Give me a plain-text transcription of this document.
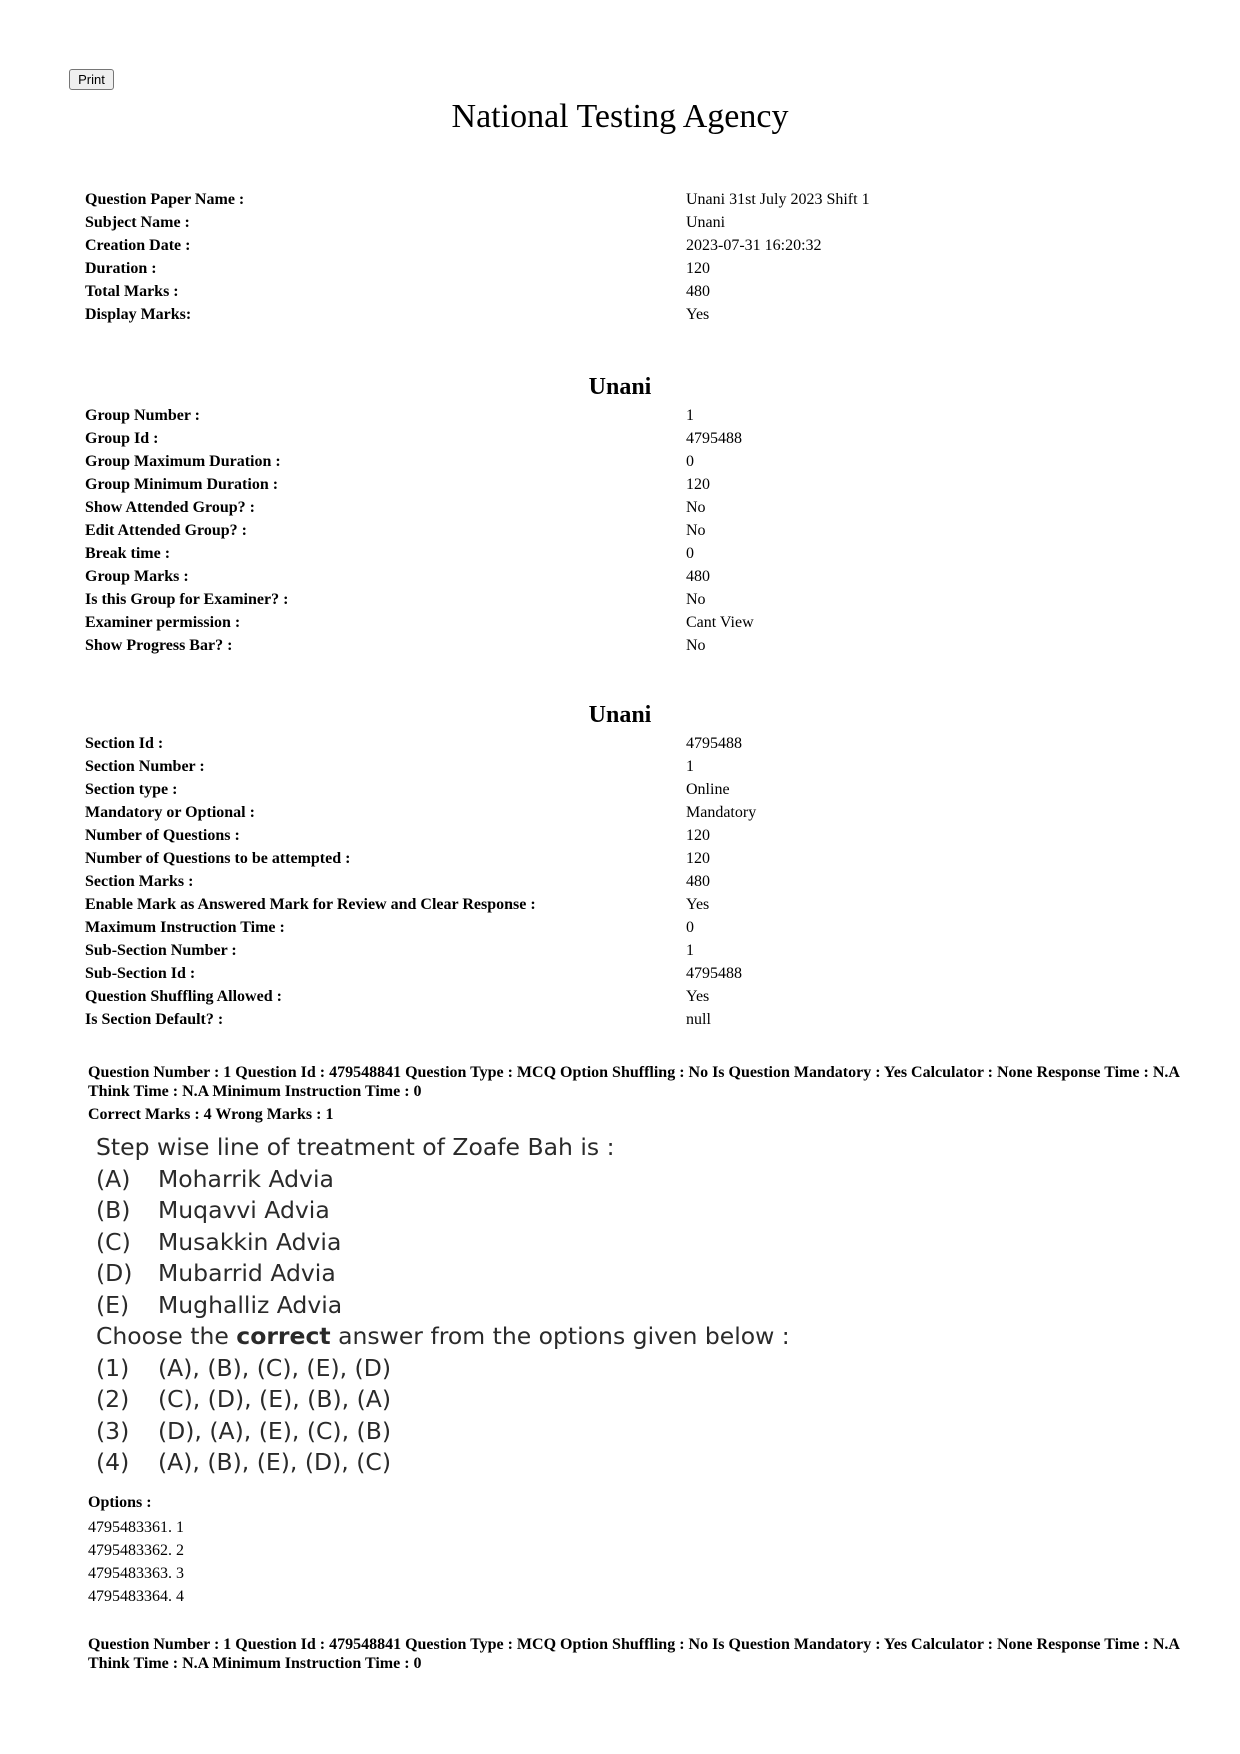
Print
National Testing Agency
Question Paper Name :	Unani 31st July 2023 Shift 1
Subject Name :	Unani
Creation Date :	2023-07-31 16:20:32
Duration :	120
Total Marks :	480
Display Marks:	Yes
Unani
Group Number :	1
Group Id :	4795488
Group Maximum Duration :	0
Group Minimum Duration :	120
Show Attended Group? :	No
Edit Attended Group? :	No
Break time :	0
Group Marks :	480
Is this Group for Examiner? :	No
Examiner permission :	Cant View
Show Progress Bar? :	No
Unani
Section Id :	4795488
Section Number :	1
Section type :	Online
Mandatory or Optional :	Mandatory
Number of Questions :	120
Number of Questions to be attempted :	120
Section Marks :	480
Enable Mark as Answered Mark for Review and Clear Response :	Yes
Maximum Instruction Time :	0
Sub-Section Number :	1
Sub-Section Id :	4795488
Question Shuffling Allowed :	Yes
Is Section Default? :	null

Question Number : 1 Question Id : 479548841 Question Type : MCQ Option Shuffling : No Is Question Mandatory : Yes Calculator : None Response Time : N.A Think Time : N.A Minimum Instruction Time : 0

Correct Marks : 4 Wrong Marks : 1
Step wise line of treatment of Zoafe Bah is :
(A) Moharrik Advia
(B) Muqavvi Advia
(C) Musakkin Advia
(D) Mubarrid Advia
(E) Mughalliz Advia
Choose the correct answer from the options given below :
(1) (A), (B), (C), (E), (D)
(2) (C), (D), (E), (B), (A)
(3) (D), (A), (E), (C), (B)
(4) (A), (B), (E), (D), (C)
Options :
4795483361. 1
4795483362. 2
4795483363. 3
4795483364. 4

Question Number : 1 Question Id : 479548841 Question Type : MCQ Option Shuffling : No Is Question Mandatory : Yes Calculator : None Response Time : N.A Think Time : N.A Minimum Instruction Time : 0
